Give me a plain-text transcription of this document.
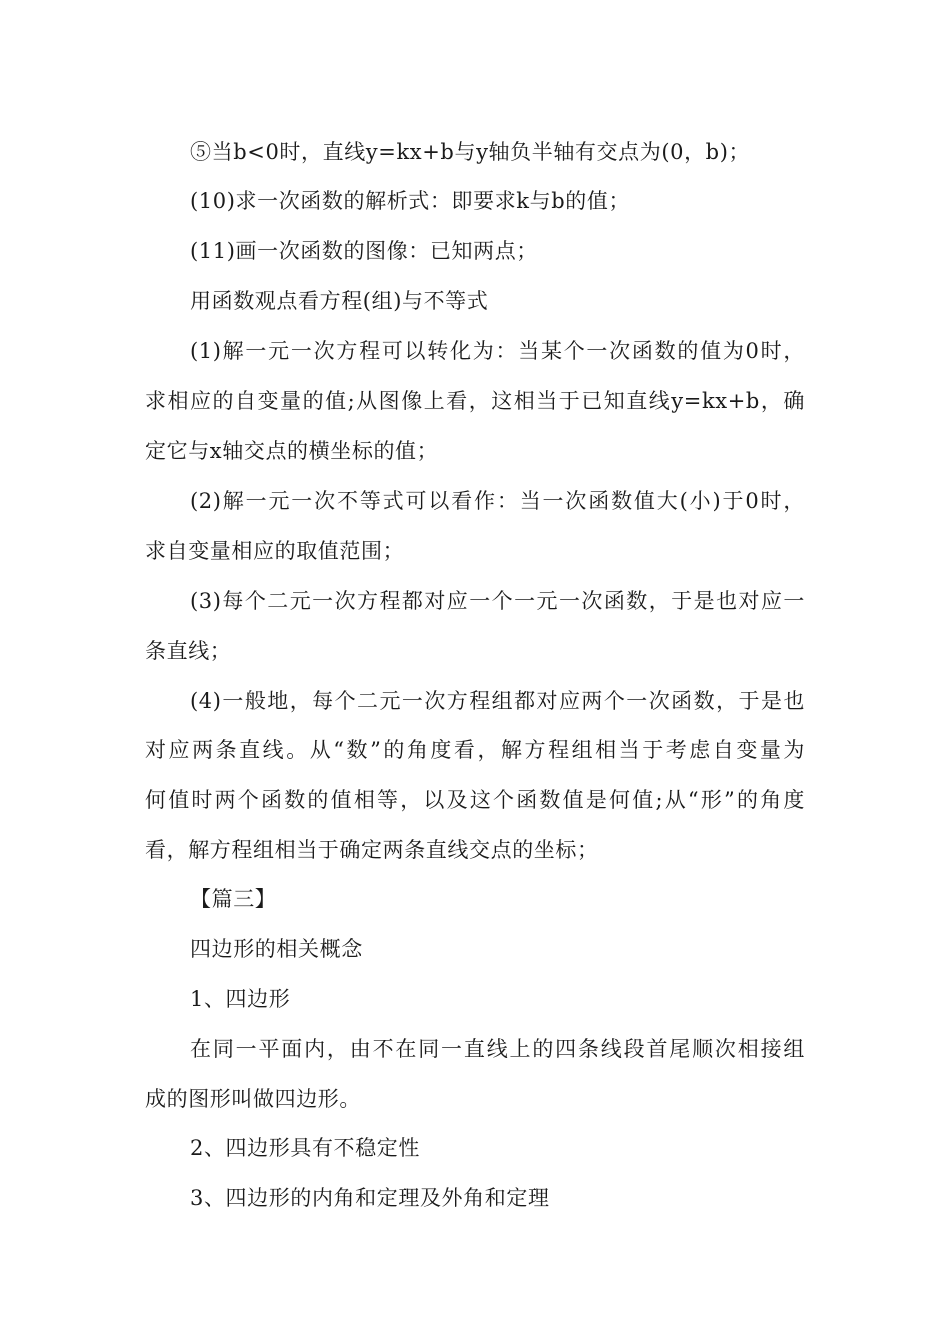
⑤当b<0时，直线y=kx+b与y轴负半轴有交点为(0，b)；
(10)求一次函数的解析式：即要求k与b的值；
(11)画一次函数的图像：已知两点；
用函数观点看方程(组)与不等式
(1)解一元一次方程可以转化为：当某个一次函数的值为0时，
求相应的自变量的值;从图像上看，这相当于已知直线y=kx+b，确
定它与x轴交点的横坐标的值；
(2)解一元一次不等式可以看作：当一次函数值大(小)于0时，
求自变量相应的取值范围；
(3)每个二元一次方程都对应一个一元一次函数，于是也对应一
条直线；
(4)一般地，每个二元一次方程组都对应两个一次函数，于是也
对应两条直线。从“数”的角度看，解方程组相当于考虑自变量为
何值时两个函数的值相等，以及这个函数值是何值;从“形”的角度
看，解方程组相当于确定两条直线交点的坐标；
【篇三】
四边形的相关概念
1、四边形
在同一平面内，由不在同一直线上的四条线段首尾顺次相接组
成的图形叫做四边形。
2、四边形具有不稳定性
3、四边形的内角和定理及外角和定理
